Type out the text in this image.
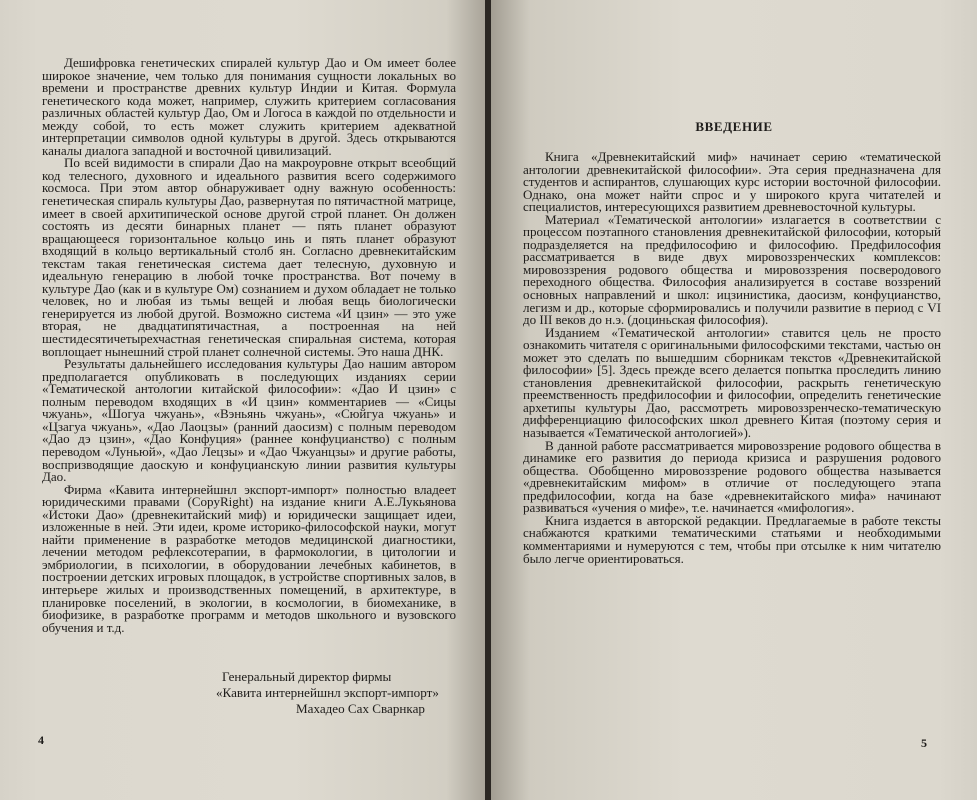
Дешифровка генетических спиралей культур Дао и Ом имеет более широкое значение, чем только для понимания сущности локальных во времени и пространстве древних культур Индии и Китая. Формула генетического кода может, например, служить критерием согласования различных областей культур Дао, Ом и Логоса в каждой по отдельности и между собой, то есть может служить критерием адекватной интерпретации символов одной культуры в другой. Здесь открываются каналы диалога западной и восточной цивилизаций.

По всей видимости в спирали Дао на макроуровне открыт всеобщий код телесного, духовного и идеального развития всего содержимого космоса. При этом автор обнаруживает одну важную особенность: генетическая спираль культуры Дао, развернутая по пятичастной матрице, имеет в своей архитипической основе другой строй планет. Он должен состоять из десяти бинарных планет — пять планет образуют вращающееся горизонтальное кольцо инь и пять планет образуют входящий в кольцо вертикальный столб ян. Согласно древнекитайским текстам такая генетическая система дает телесную, духовную и идеальную генерацию в любой точке пространства. Вот почему в культуре Дао (как и в культуре Ом) сознанием и духом обладает не только человек, но и любая из тьмы вещей и любая вещь биологически генерируется из любой другой. Возможно система «И цзин» — это уже вторая, не двадцатипятичастная, а построенная на ней шестидесятичетырехчастная генетическая спиральная система, которая воплощает нынешний строй планет солнечной системы. Это наша ДНК.

Результаты дальнейшего исследования культуры Дао нашим автором предполагается опубликовать в последующих изданиях серии «Тематической антологии китайской философии»: «Дао И цзин» с полным переводом входящих в «И цзин» комментариев — «Сицы чжуань», «Шогуа чжуань», «Вэньянь чжуань», «Сюйгуа чжуань» и «Цзагуа чжуань», «Дао Лаоцзы» (ранний даосизм) с полным переводом «Дао дэ цзин», «Дао Конфуция» (раннее конфуцианство) с полным переводом «Луньюй», «Дао Лецзы» и «Дао Чжуанцзы» и другие работы, воспризводящие даоскую и конфуцианскую линии развития культуры Дао.

Фирма «Кавита интернейшнл экспорт-импорт» полностью владеет юридическими правами (CopyRight) на издание книги А.Е.Лукьянова «Истоки Дао» (древнекитайский миф) и юридически защищает идеи, изложенные в ней. Эти идеи, кроме историко-философской науки, могут найти применение в разработке методов медицинской диагностики, лечении методом рефлексотерапии, в фармокологии, в цитологии и эмбриологии, в психологии, в оборудовании лечебных кабинетов, в построении детских игровых площадок, в устройстве спортивных залов, в интерьере жилых и производственных помещений, в архитектуре, в планировке поселений, в экологии, в космологии, в биомеханике, в биофизике, в разработке программ и методов школьного и вузовского обучения и т.д.

Генеральный директор фирмы
«Кавита интернейшнл экспорт-импорт»
Махадео Сах Сварнкар
4
ВВЕДЕНИЕ

Книга «Древнекитайский миф» начинает серию «тематической антологии древнекитайской философии». Эта серия предназначена для студентов и аспирантов, слушающих курс истории восточной философии. Однако, она может найти спрос и у широкого круга читателей и специалистов, интересующихся развитием древневосточной культуры.

Материал «Тематической антологии» излагается в соответствии с процессом поэтапного становления древнекитайской философии, который подразделяется на предфилософию и философию. Предфилософия рассматривается в виде двух мировоззренческих комплексов: мировоззрения родового общества и мировоззрения посверодового переходного общества. Философия анализируется в составе воззрений основных направлений и школ: ицзинистика, даосизм, конфуцианство, легизм и др., которые сформировались и получили развитие в период с VI до III веков до н.э. (доциньская философия).

Изданием «Тематической антологии» ставится цель не просто ознакомить читателя с оригинальными философскими текстами, частью он может это сделать по вышедшим сборникам текстов «Древнекитайской философии» [5]. Здесь прежде всего делается попытка проследить линию становления древнекитайской философии, раскрыть генетическую преемственность предфилософии и философии, определить генетические архетипы культуры Дао, рассмотреть мировоззренческо-тематическую дифференциацию философских школ древнего Китая (поэтому серия и называется «Тематической антологией»).

В данной работе рассматривается мировоззрение родового общества в динамике его развития до периода кризиса и разрушения родового общества. Обобщенно мировоззрение родового общества называется «древнекитайским мифом» в отличие от последующего этапа предфилософии, когда на базе «древнекитайского мифа» начинают развиваться «учения о мифе», т.е. начинается «мифология».

Книга издается в авторской редакции. Предлагаемые в работе тексты снабжаются краткими тематическими статьями и необходимыми комментариями и нумеруются с тем, чтобы при отсылке к ним читателю было легче ориентироваться.

5
